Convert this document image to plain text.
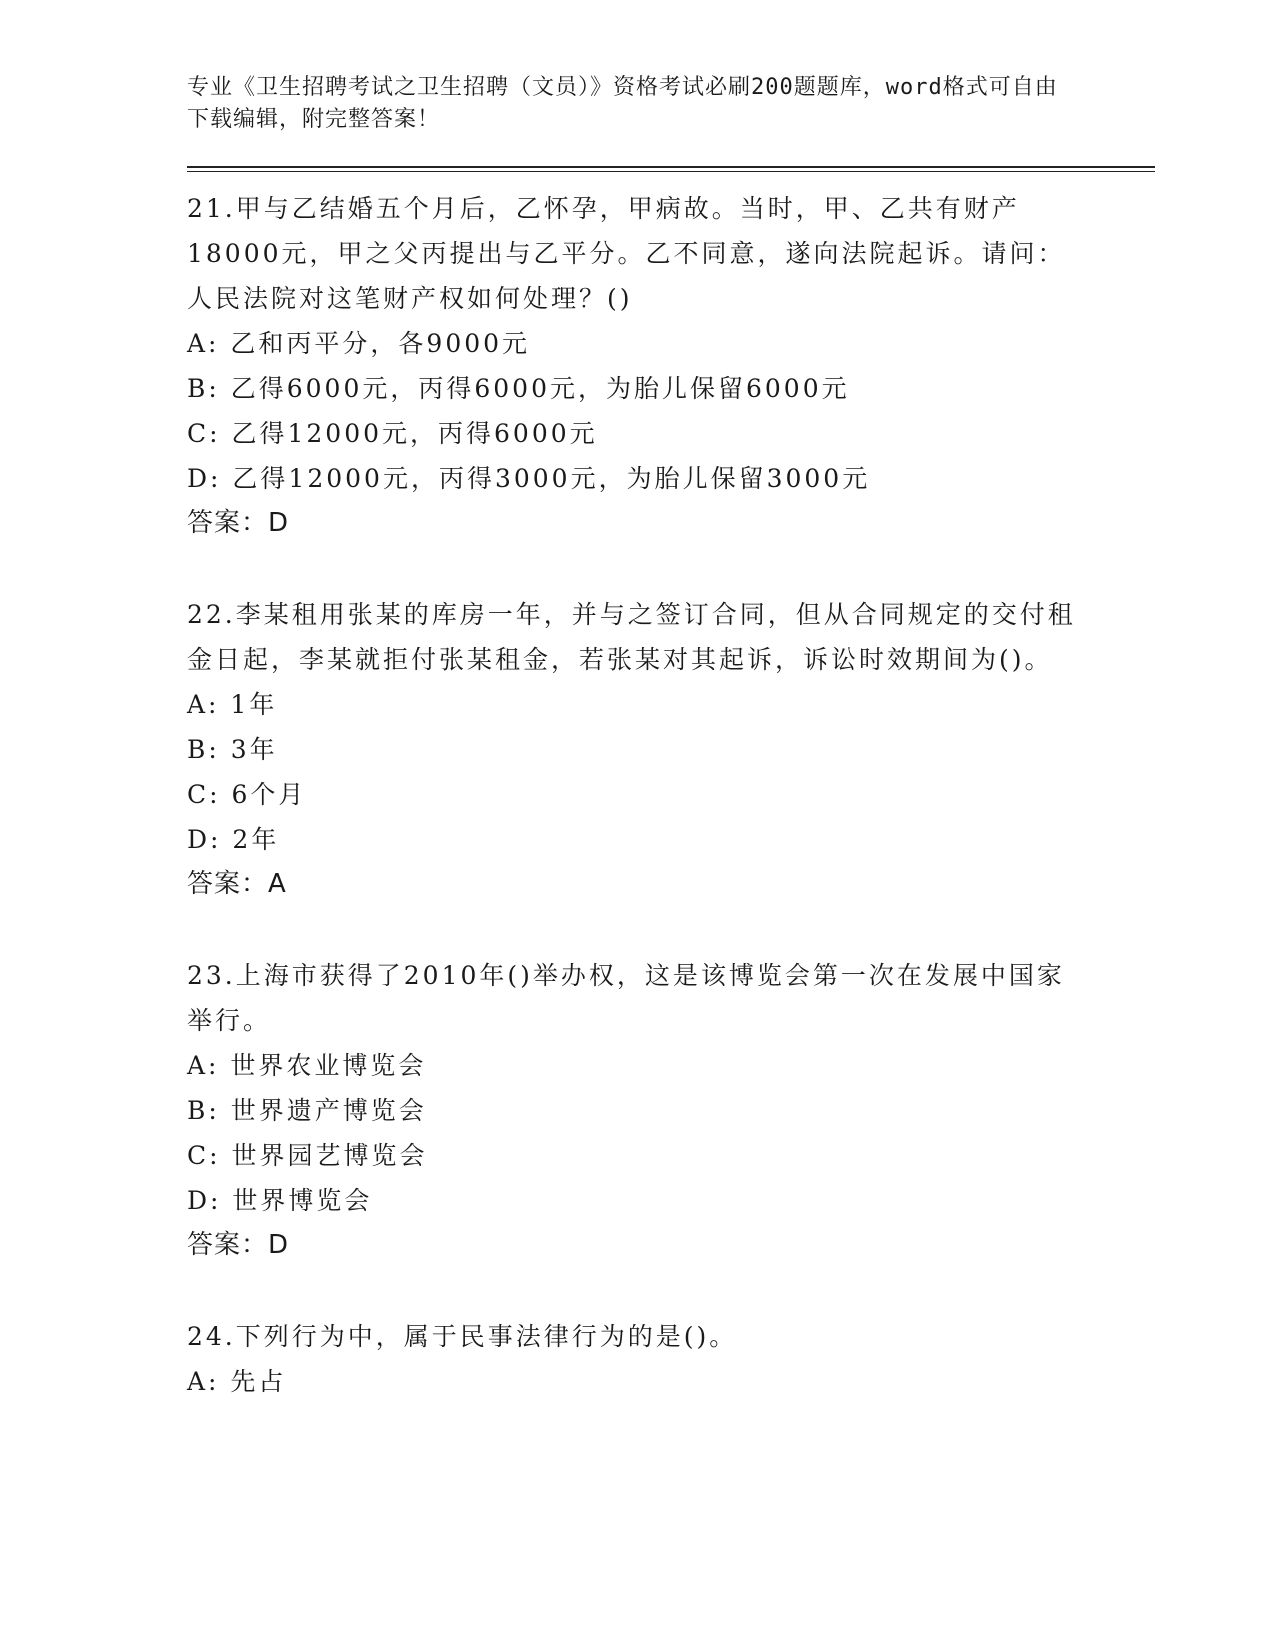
专业《卫生招聘考试之卫生招聘（文员）》资格考试必刷200题题库，word格式可自由下载编辑，附完整答案！
21.甲与乙结婚五个月后，乙怀孕，甲病故。当时，甲、乙共有财产18000元，甲之父丙提出与乙平分。乙不同意，遂向法院起诉。请问：人民法院对这笔财产权如何处理？()
A: 乙和丙平分，各9000元
B: 乙得6000元，丙得6000元，为胎儿保留6000元
C: 乙得12000元，丙得6000元
D: 乙得12000元，丙得3000元，为胎儿保留3000元
答案：D
22.李某租用张某的库房一年，并与之签订合同，但从合同规定的交付租金日起，李某就拒付张某租金，若张某对其起诉，诉讼时效期间为()。
A: 1年
B: 3年
C: 6个月
D: 2年
答案：A
23.上海市获得了2010年()举办权，这是该博览会第一次在发展中国家举行。
A: 世界农业博览会
B: 世界遗产博览会
C: 世界园艺博览会
D: 世界博览会
答案：D
24.下列行为中，属于民事法律行为的是()。
A: 先占
